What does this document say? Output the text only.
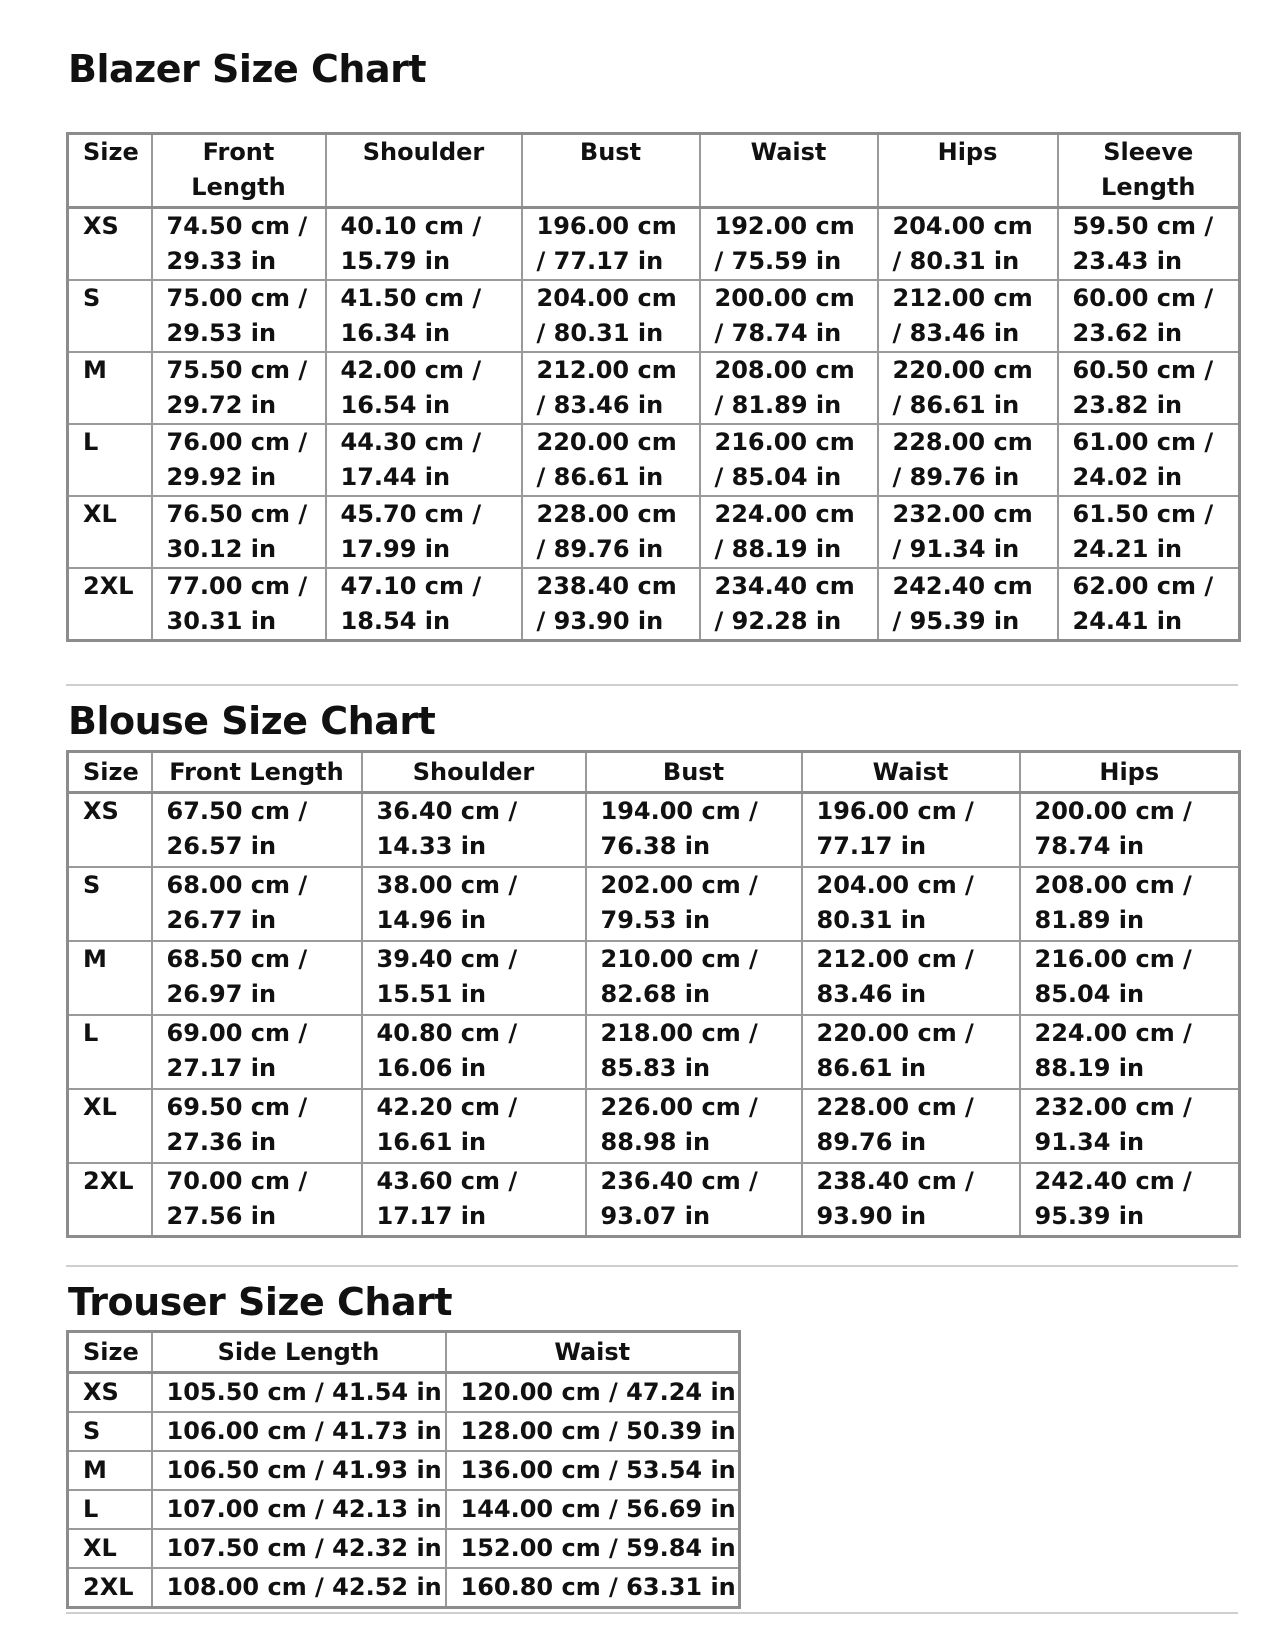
Blazer Size Chart
Size	Front Length	Shoulder	Bust	Waist	Hips	Sleeve Length
XS	74.50 cm / 29.33 in	40.10 cm / 15.79 in	196.00 cm / 77.17 in	192.00 cm / 75.59 in	204.00 cm / 80.31 in	59.50 cm / 23.43 in
S	75.00 cm / 29.53 in	41.50 cm / 16.34 in	204.00 cm / 80.31 in	200.00 cm / 78.74 in	212.00 cm / 83.46 in	60.00 cm / 23.62 in
M	75.50 cm / 29.72 in	42.00 cm / 16.54 in	212.00 cm / 83.46 in	208.00 cm / 81.89 in	220.00 cm / 86.61 in	60.50 cm / 23.82 in
L	76.00 cm / 29.92 in	44.30 cm / 17.44 in	220.00 cm / 86.61 in	216.00 cm / 85.04 in	228.00 cm / 89.76 in	61.00 cm / 24.02 in
XL	76.50 cm / 30.12 in	45.70 cm / 17.99 in	228.00 cm / 89.76 in	224.00 cm / 88.19 in	232.00 cm / 91.34 in	61.50 cm / 24.21 in
2XL	77.00 cm / 30.31 in	47.10 cm / 18.54 in	238.40 cm / 93.90 in	234.40 cm / 92.28 in	242.40 cm / 95.39 in	62.00 cm / 24.41 in
Blouse Size Chart
Size	Front Length	Shoulder	Bust	Waist	Hips
XS	67.50 cm / 26.57 in	36.40 cm / 14.33 in	194.00 cm / 76.38 in	196.00 cm / 77.17 in	200.00 cm / 78.74 in
S	68.00 cm / 26.77 in	38.00 cm / 14.96 in	202.00 cm / 79.53 in	204.00 cm / 80.31 in	208.00 cm / 81.89 in
M	68.50 cm / 26.97 in	39.40 cm / 15.51 in	210.00 cm / 82.68 in	212.00 cm / 83.46 in	216.00 cm / 85.04 in
L	69.00 cm / 27.17 in	40.80 cm / 16.06 in	218.00 cm / 85.83 in	220.00 cm / 86.61 in	224.00 cm / 88.19 in
XL	69.50 cm / 27.36 in	42.20 cm / 16.61 in	226.00 cm / 88.98 in	228.00 cm / 89.76 in	232.00 cm / 91.34 in
2XL	70.00 cm / 27.56 in	43.60 cm / 17.17 in	236.40 cm / 93.07 in	238.40 cm / 93.90 in	242.40 cm / 95.39 in
Trouser Size Chart
Size	Side Length	Waist
XS	105.50 cm / 41.54 in	120.00 cm / 47.24 in
S	106.00 cm / 41.73 in	128.00 cm / 50.39 in
M	106.50 cm / 41.93 in	136.00 cm / 53.54 in
L	107.00 cm / 42.13 in	144.00 cm / 56.69 in
XL	107.50 cm / 42.32 in	152.00 cm / 59.84 in
2XL	108.00 cm / 42.52 in	160.80 cm / 63.31 in
